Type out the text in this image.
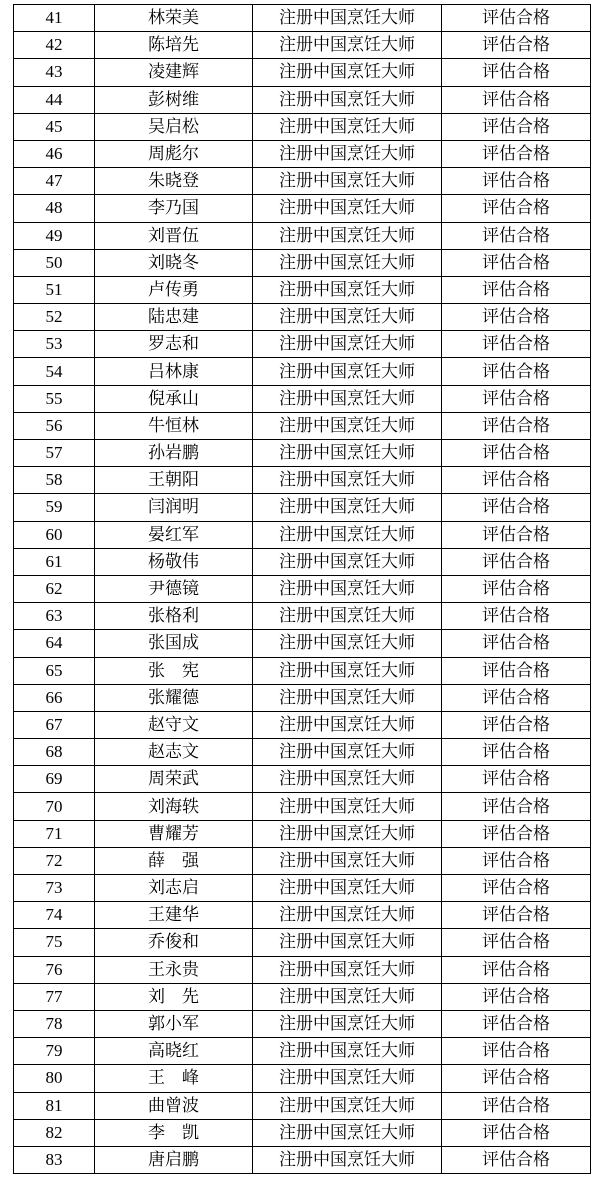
41	林荣美	注册中国烹饪大师	评估合格
42	陈培先	注册中国烹饪大师	评估合格
43	凌建辉	注册中国烹饪大师	评估合格
44	彭树维	注册中国烹饪大师	评估合格
45	吴启松	注册中国烹饪大师	评估合格
46	周彪尔	注册中国烹饪大师	评估合格
47	朱晓登	注册中国烹饪大师	评估合格
48	李乃国	注册中国烹饪大师	评估合格
49	刘晋伍	注册中国烹饪大师	评估合格
50	刘晓冬	注册中国烹饪大师	评估合格
51	卢传勇	注册中国烹饪大师	评估合格
52	陆忠建	注册中国烹饪大师	评估合格
53	罗志和	注册中国烹饪大师	评估合格
54	吕林康	注册中国烹饪大师	评估合格
55	倪承山	注册中国烹饪大师	评估合格
56	牛恒林	注册中国烹饪大师	评估合格
57	孙岩鹏	注册中国烹饪大师	评估合格
58	王朝阳	注册中国烹饪大师	评估合格
59	闫润明	注册中国烹饪大师	评估合格
60	晏红军	注册中国烹饪大师	评估合格
61	杨敬伟	注册中国烹饪大师	评估合格
62	尹德镜	注册中国烹饪大师	评估合格
63	张格利	注册中国烹饪大师	评估合格
64	张国成	注册中国烹饪大师	评估合格
65	张　宪	注册中国烹饪大师	评估合格
66	张耀德	注册中国烹饪大师	评估合格
67	赵守文	注册中国烹饪大师	评估合格
68	赵志文	注册中国烹饪大师	评估合格
69	周荣武	注册中国烹饪大师	评估合格
70	刘海轶	注册中国烹饪大师	评估合格
71	曹耀芳	注册中国烹饪大师	评估合格
72	薛　强	注册中国烹饪大师	评估合格
73	刘志启	注册中国烹饪大师	评估合格
74	王建华	注册中国烹饪大师	评估合格
75	乔俊和	注册中国烹饪大师	评估合格
76	王永贵	注册中国烹饪大师	评估合格
77	刘　先	注册中国烹饪大师	评估合格
78	郭小军	注册中国烹饪大师	评估合格
79	高晓红	注册中国烹饪大师	评估合格
80	王　峰	注册中国烹饪大师	评估合格
81	曲曾波	注册中国烹饪大师	评估合格
82	李　凯	注册中国烹饪大师	评估合格
83	唐启鹏	注册中国烹饪大师	评估合格
